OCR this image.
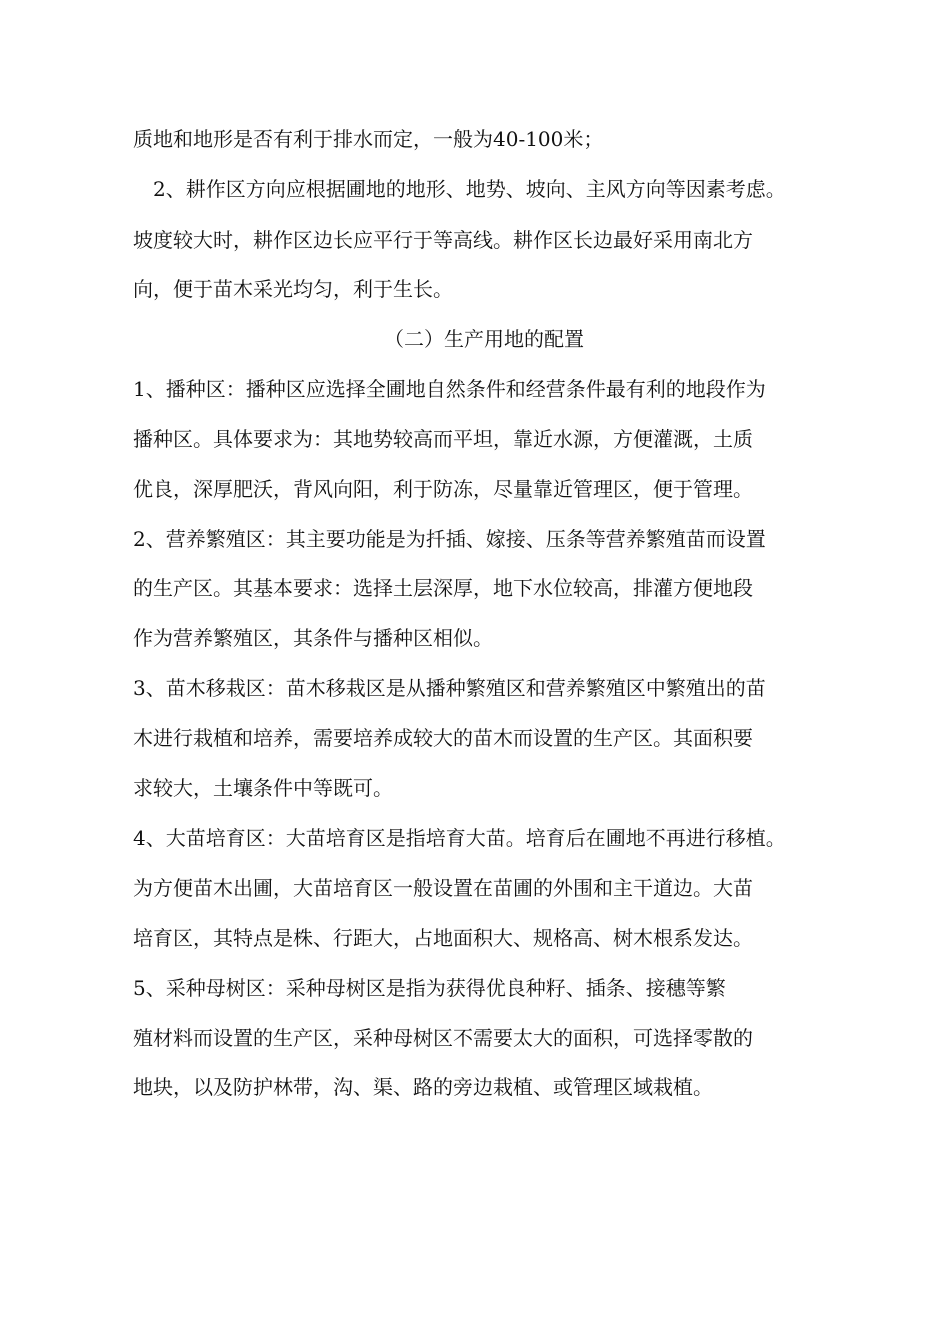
质地和地形是否有利于排水而定，一般为40-100米；
2、耕作区方向应根据圃地的地形、地势、坡向、主风方向等因素考虑。
坡度较大时，耕作区边长应平行于等高线。耕作区长边最好采用南北方
向，便于苗木采光均匀，利于生长。
（二）生产用地的配置
1、播种区：播种区应选择全圃地自然条件和经营条件最有利的地段作为
播种区。具体要求为：其地势较高而平坦，靠近水源，方便灌溉，土质
优良，深厚肥沃，背风向阳，利于防冻，尽量靠近管理区，便于管理。
2、营养繁殖区：其主要功能是为扦插、嫁接、压条等营养繁殖苗而设置
的生产区。其基本要求：选择土层深厚，地下水位较高，排灌方便地段
作为营养繁殖区，其条件与播种区相似。
3、苗木移栽区：苗木移栽区是从播种繁殖区和营养繁殖区中繁殖出的苗
木进行栽植和培养，需要培养成较大的苗木而设置的生产区。其面积要
求较大，土壤条件中等既可。
4、大苗培育区：大苗培育区是指培育大苗。培育后在圃地不再进行移植。
为方便苗木出圃，大苗培育区一般设置在苗圃的外围和主干道边。大苗
培育区，其特点是株、行距大，占地面积大、规格高、树木根系发达。
5、采种母树区：采种母树区是指为获得优良种籽、插条、接穗等繁
殖材料而设置的生产区，采种母树区不需要太大的面积，可选择零散的
地块，以及防护林带，沟、渠、路的旁边栽植、或管理区域栽植。
